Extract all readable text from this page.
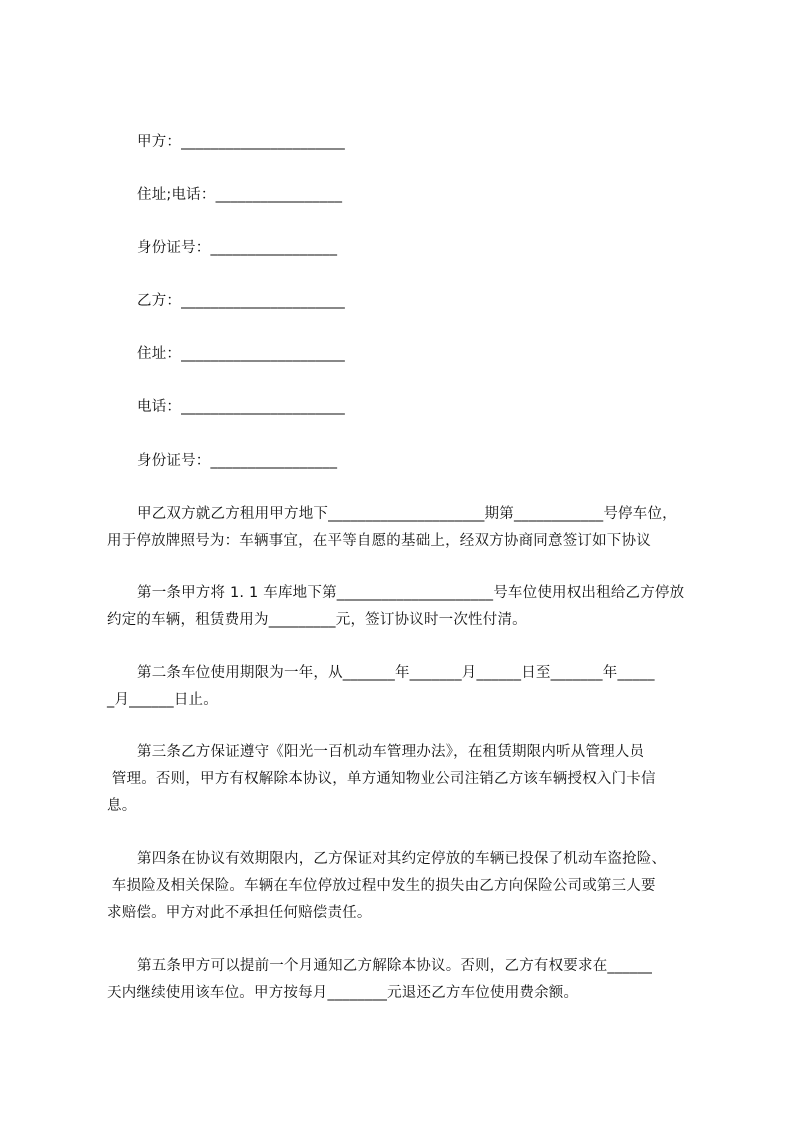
甲方：______________________
住址;电话：_________________
身份证号：_________________
乙方：______________________
住址：______________________
电话：______________________
身份证号：_________________
甲乙双方就乙方租用甲方地下_____________________期第____________号停车位，
用于停放牌照号为：车辆事宜，在平等自愿的基础上，经双方协商同意签订如下协议
第一条甲方将 1. 1 车库地下第_____________________号车位使用权出租给乙方停放
约定的车辆，租赁费用为_________元，签订协议时一次性付清。
第二条车位使用期限为一年，从_______年_______月______日至_______年_____
_月______日止。
第三条乙方保证遵守《阳光一百机动车管理办法》，在租赁期限内听从管理人员
管理。否则，甲方有权解除本协议，单方通知物业公司注销乙方该车辆授权入门卡信
息。
第四条在协议有效期限内，乙方保证对其约定停放的车辆已投保了机动车盗抢险、
车损险及相关保险。车辆在车位停放过程中发生的损失由乙方向保险公司或第三人要
求赔偿。甲方对此不承担任何赔偿责任。
第五条甲方可以提前一个月通知乙方解除本协议。否则，乙方有权要求在______
天内继续使用该车位。甲方按每月________元退还乙方车位使用费余额。
